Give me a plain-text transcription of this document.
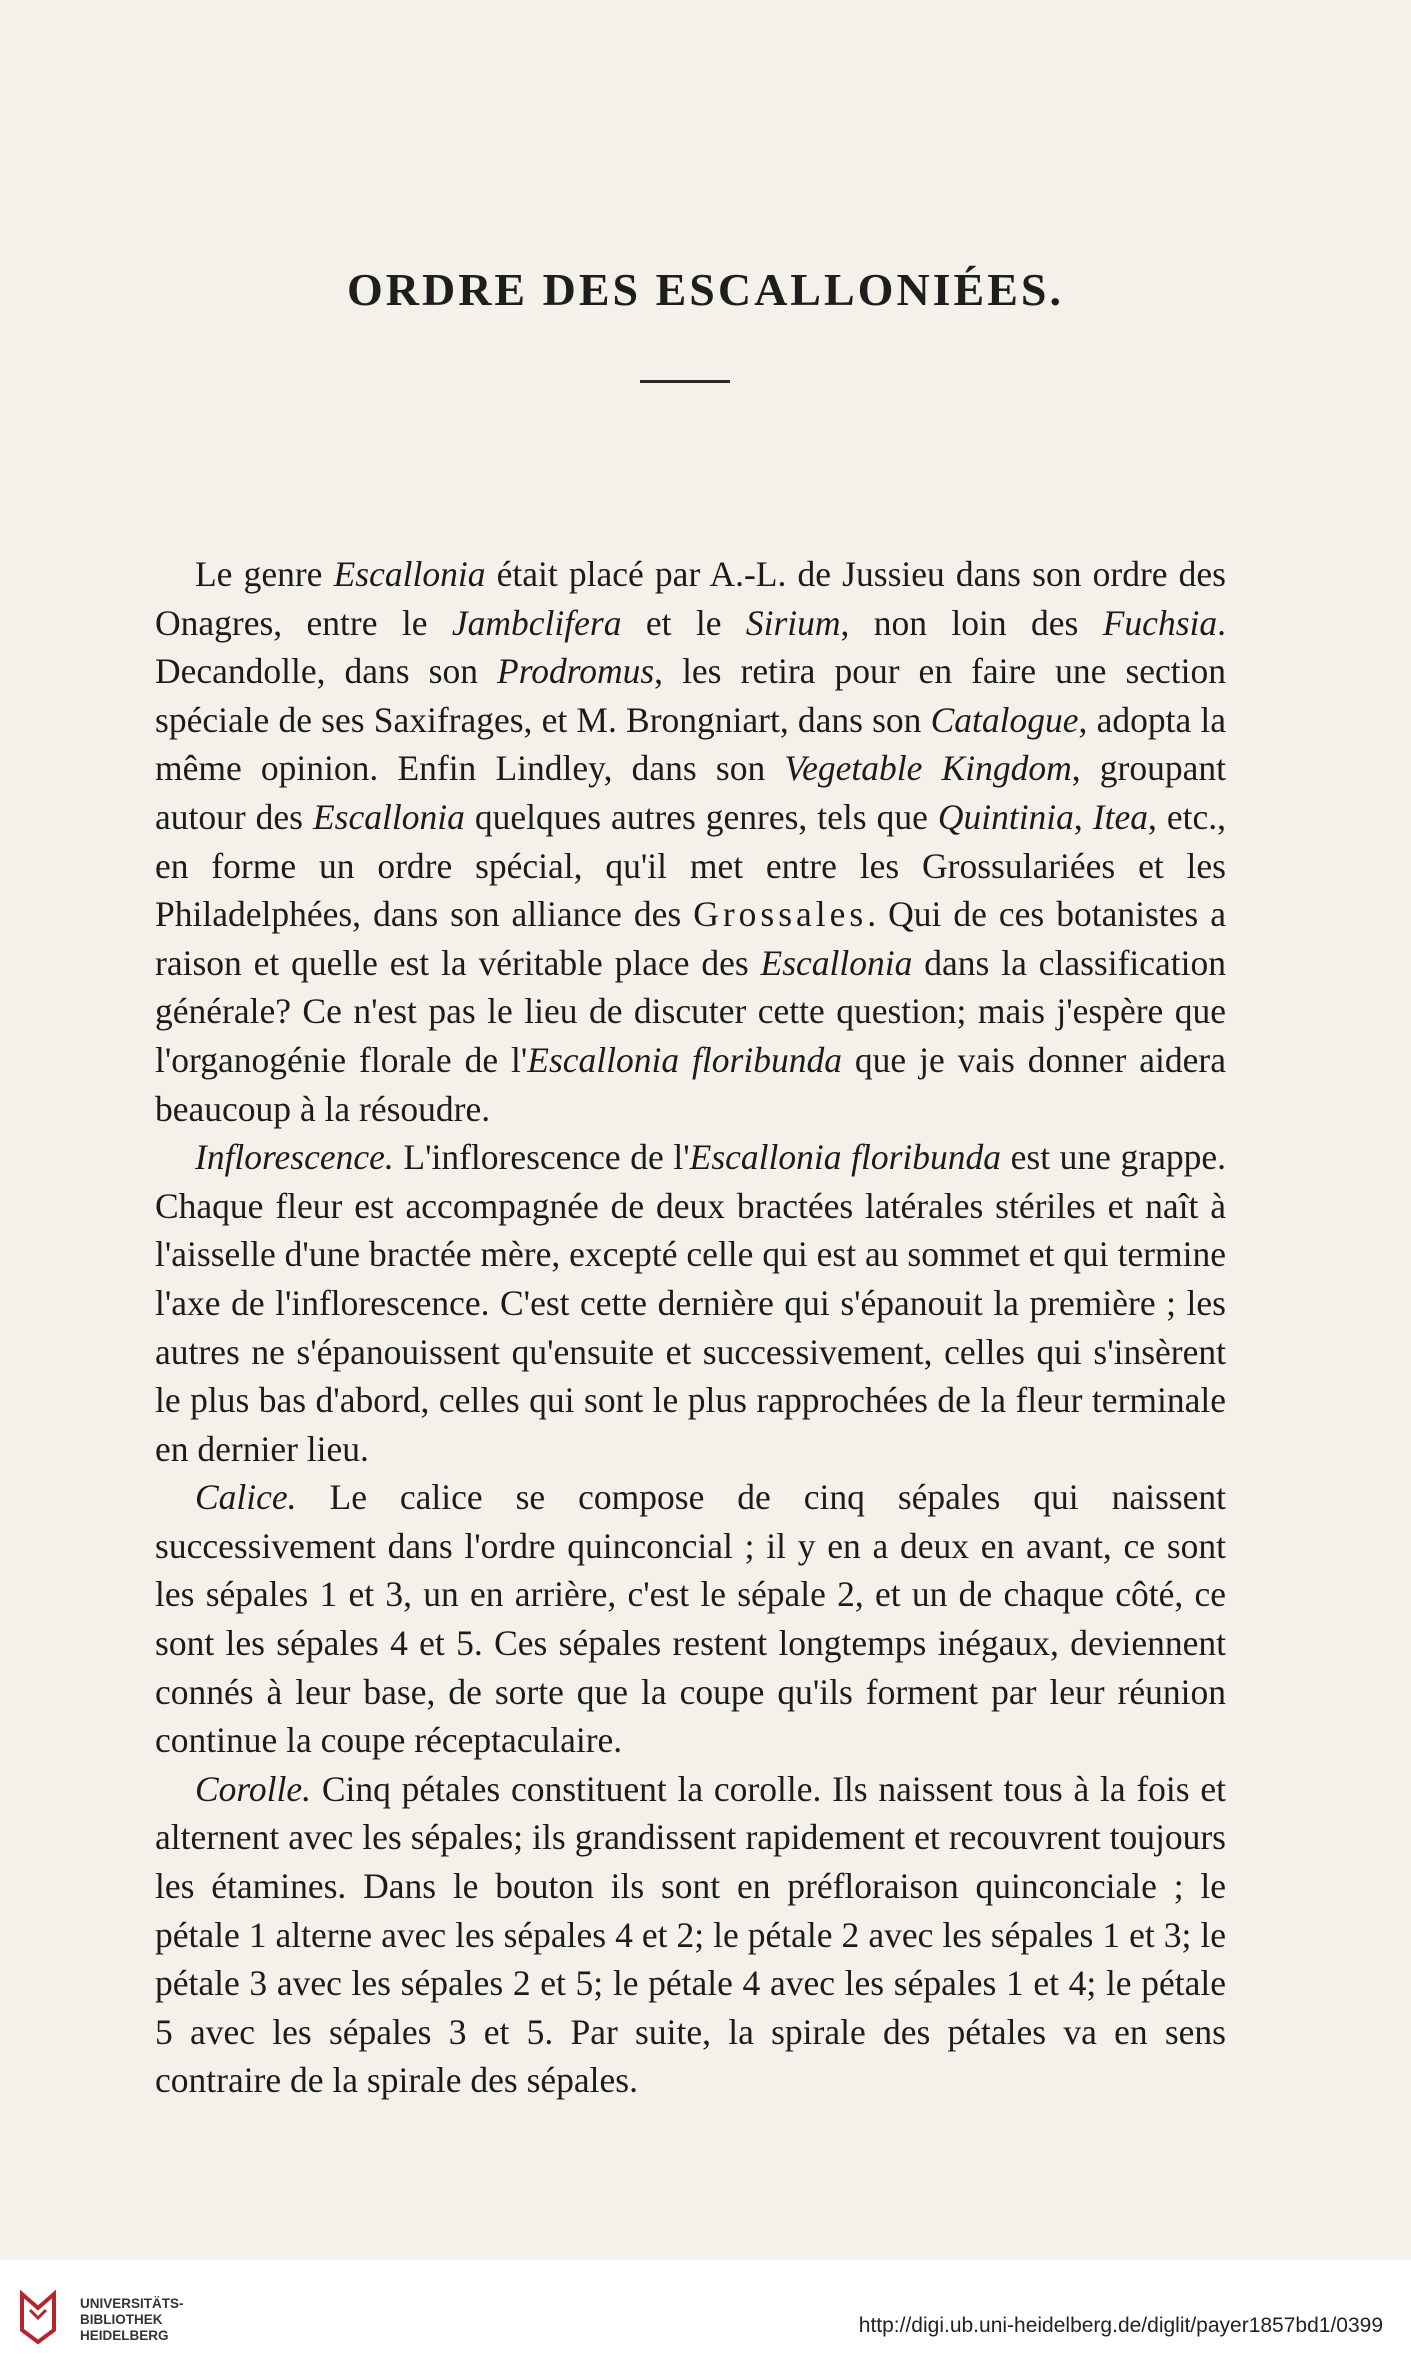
ORDRE DES ESCALLONIÉES.

Le genre Escallonia était placé par A.-L. de Jussieu dans son ordre des Onagres, entre le Jambclifera et le Sirium, non loin des Fuchsia. Decandolle, dans son Prodromus, les retira pour en faire une section spéciale de ses Saxifrages, et M. Brongniart, dans son Catalogue, adopta la même opinion. Enfin Lindley, dans son Vegetable Kingdom, groupant autour des Escallonia quelques autres genres, tels que Quintinia, Itea, etc., en forme un ordre spécial, qu'il met entre les Grossulariées et les Philadelphées, dans son alliance des Grossales. Qui de ces botanistes a raison et quelle est la véritable place des Escallonia dans la classification générale? Ce n'est pas le lieu de discuter cette question; mais j'espère que l'organogénie florale de l'Escallonia floribunda que je vais donner aidera beaucoup à la résoudre.

Inflorescence. L'inflorescence de l'Escallonia floribunda est une grappe. Chaque fleur est accompagnée de deux bractées latérales stériles et naît à l'aisselle d'une bractée mère, excepté celle qui est au sommet et qui termine l'axe de l'inflorescence. C'est cette dernière qui s'épanouit la première ; les autres ne s'épanouissent qu'ensuite et successivement, celles qui s'insèrent le plus bas d'abord, celles qui sont le plus rapprochées de la fleur terminale en dernier lieu.

Calice. Le calice se compose de cinq sépales qui naissent successivement dans l'ordre quinconcial ; il y en a deux en avant, ce sont les sépales 1 et 3, un en arrière, c'est le sépale 2, et un de chaque côté, ce sont les sépales 4 et 5. Ces sépales restent longtemps inégaux, deviennent connés à leur base, de sorte que la coupe qu'ils forment par leur réunion continue la coupe réceptaculaire.

Corolle. Cinq pétales constituent la corolle. Ils naissent tous à la fois et alternent avec les sépales; ils grandissent rapidement et recouvrent toujours les étamines. Dans le bouton ils sont en préfloraison quinconciale ; le pétale 1 alterne avec les sépales 4 et 2; le pétale 2 avec les sépales 1 et 3; le pétale 3 avec les sépales 2 et 5; le pétale 4 avec les sépales 1 et 4; le pétale 5 avec les sépales 3 et 5. Par suite, la spirale des pétales va en sens contraire de la spirale des sépales.

UNIVERSITÄTS-
BIBLIOTHEK
HEIDELBERG	http://digi.ub.uni-heidelberg.de/diglit/payer1857bd1/0399
